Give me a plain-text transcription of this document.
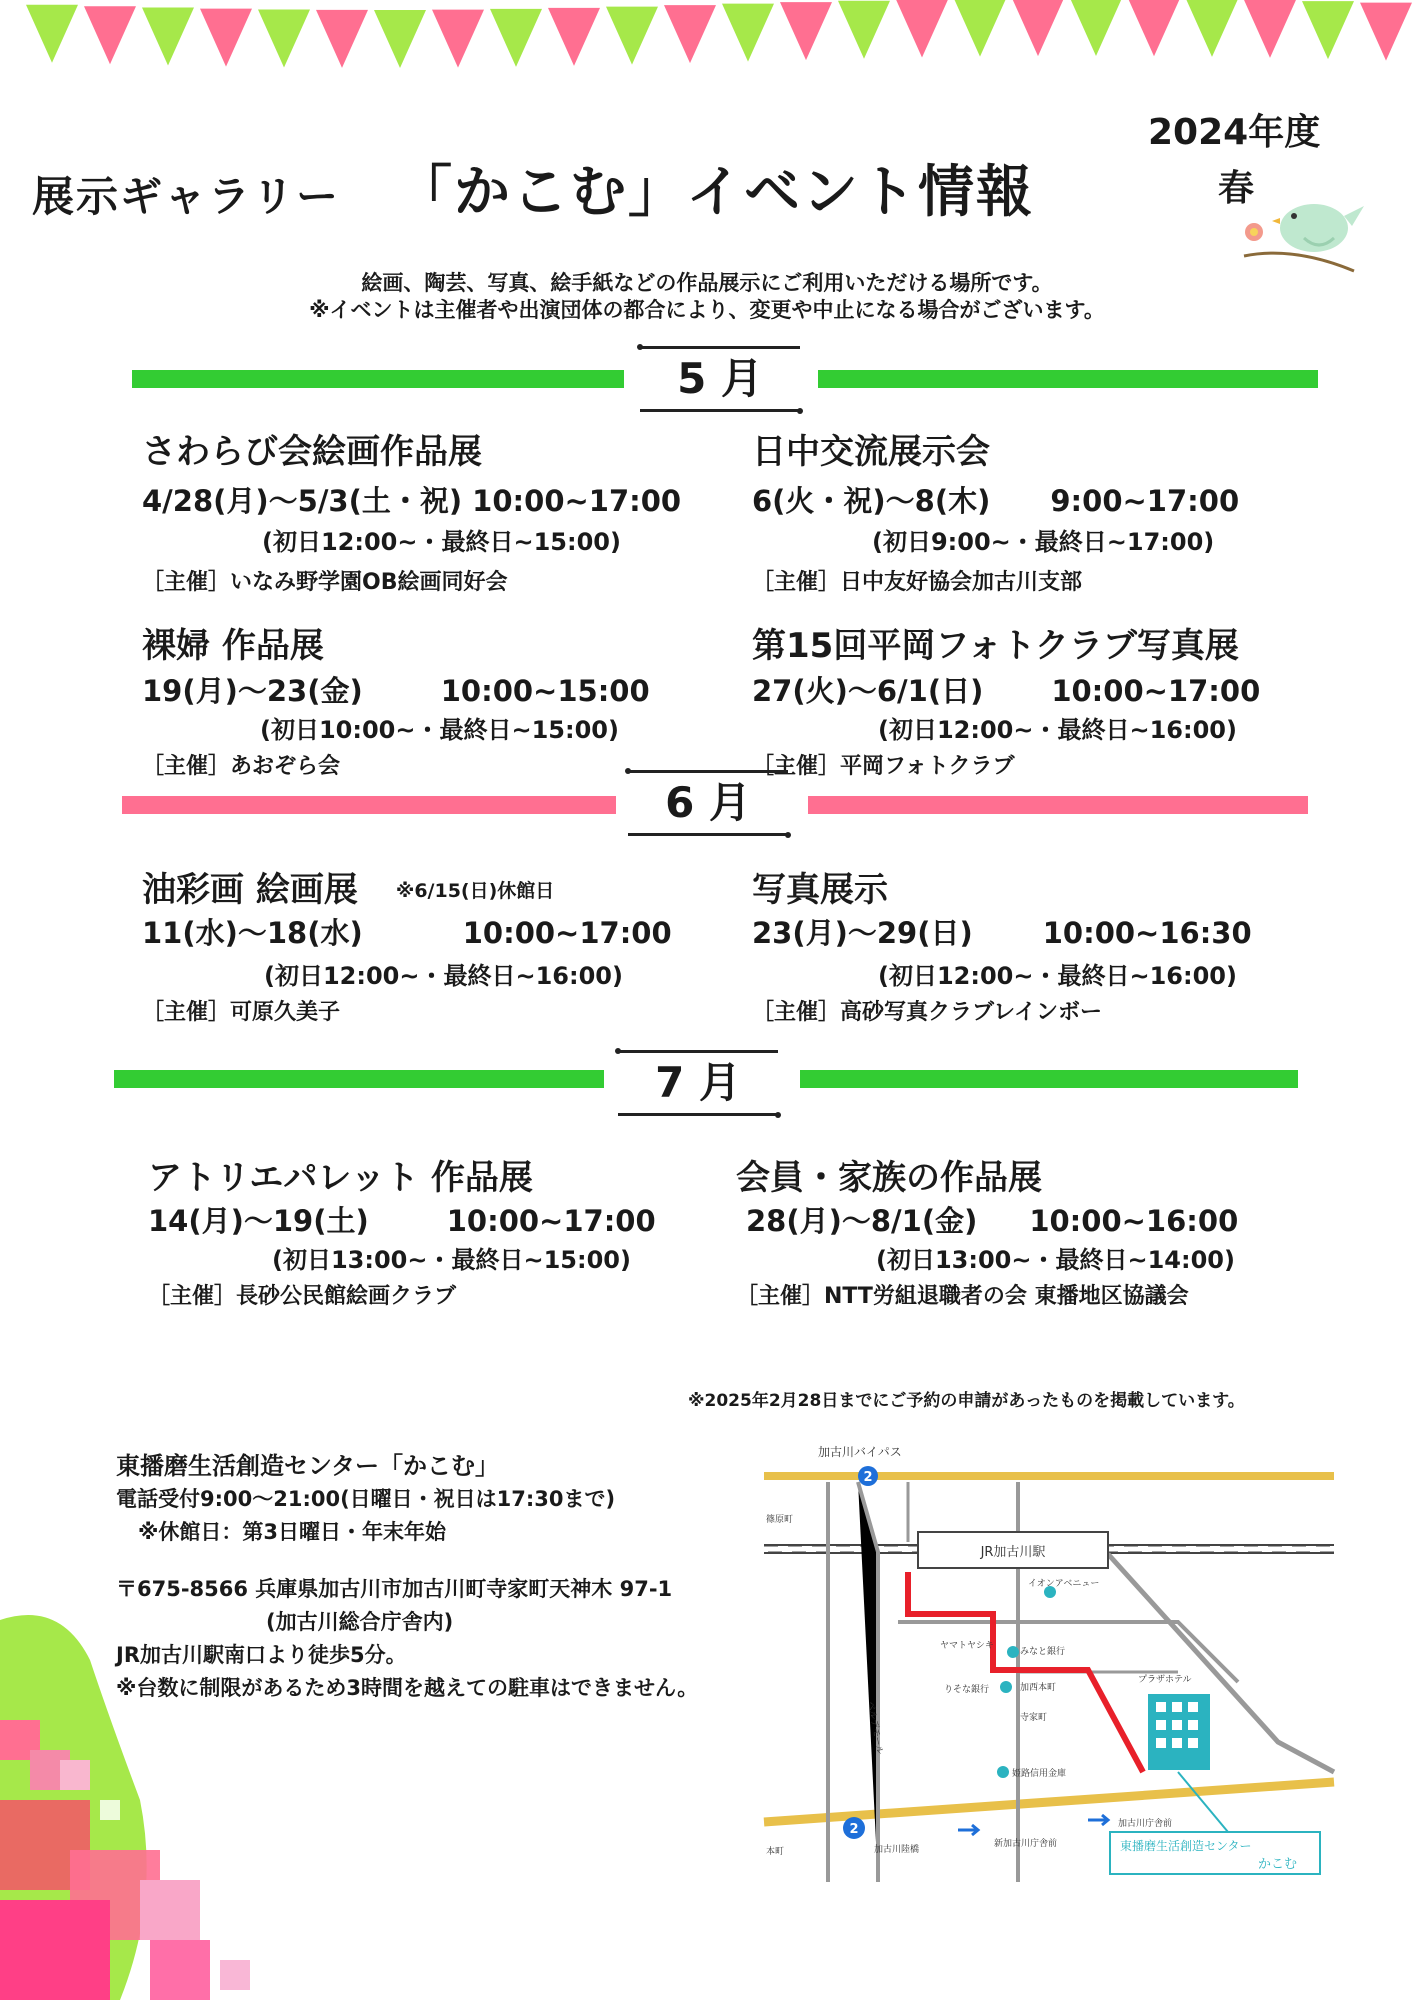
展示ギャラリー 「かこむ」イベント情報
2024年度
春
絵画、陶芸、写真、絵手紙などの作品展示にご利用いただける場所です。
※イベントは主催者や出演団体の都合により、変更や中止になる場合がございます。
5 月
さわらび会絵画作品展
4/28(月)〜5/3(土・祝) 10:00~17:00
(初日12:00~・最終日~15:00)
［主催］いなみ野学園OB絵画同好会
日中交流展示会
6(火・祝)〜8(木) 9:00~17:00
(初日9:00~・最終日~17:00)
［主催］日中友好協会加古川支部
裸婦 作品展
19(月)〜23(金)	10:00~15:00
(初日10:00~・最終日~15:00)
［主催］あおぞら会
第15回平岡フォトクラブ写真展
27(火)〜6/1(日) 10:00~17:00
(初日12:00~・最終日~16:00)
［主催］平岡フォトクラブ
6 月
油彩画 絵画展 ※6/15(日)休館日
11(水)〜18(水)	10:00~17:00
(初日12:00~・最終日~16:00)
［主催］可原久美子
写真展示
23(月)〜29(日) 10:00~16:30
(初日12:00~・最終日~16:00)
［主催］高砂写真クラブレインボー
7 月
アトリエパレット 作品展
14(月)〜19(土)	10:00~17:00
(初日13:00~・最終日~15:00)
［主催］長砂公民館絵画クラブ
会員・家族の作品展
28(月)〜8/1(金) 10:00~16:00
(初日13:00~・最終日~14:00)
［主催］NTT労組退職者の会 東播地区協議会
※2025年2月28日までにご予約の申請があったものを掲載しています。
東播磨生活創造センター「かこむ」
電話受付9:00〜21:00(日曜日・祝日は17:30まで)
※休館日：第3日曜日・年末年始
〒675-8566 兵庫県加古川市加古川町寺家町天神木 97-1
(加古川総合庁舎内)
JR加古川駅南口より徒歩5分。
※台数に制限があるため3時間を越えての駐車はできません。
JR加古川駅
加古川バイパス
2
2
東播磨生活創造センター
かこむ
イオンアベニュー
ヤマトヤシキ
みなと銀行
りそな銀行
姫路信用金庫
プラザホテル
篠原町
加西本町
寺家町
本町	加古川陸橋
新加古川庁舎前
加古川庁舎前
ベルデモール
